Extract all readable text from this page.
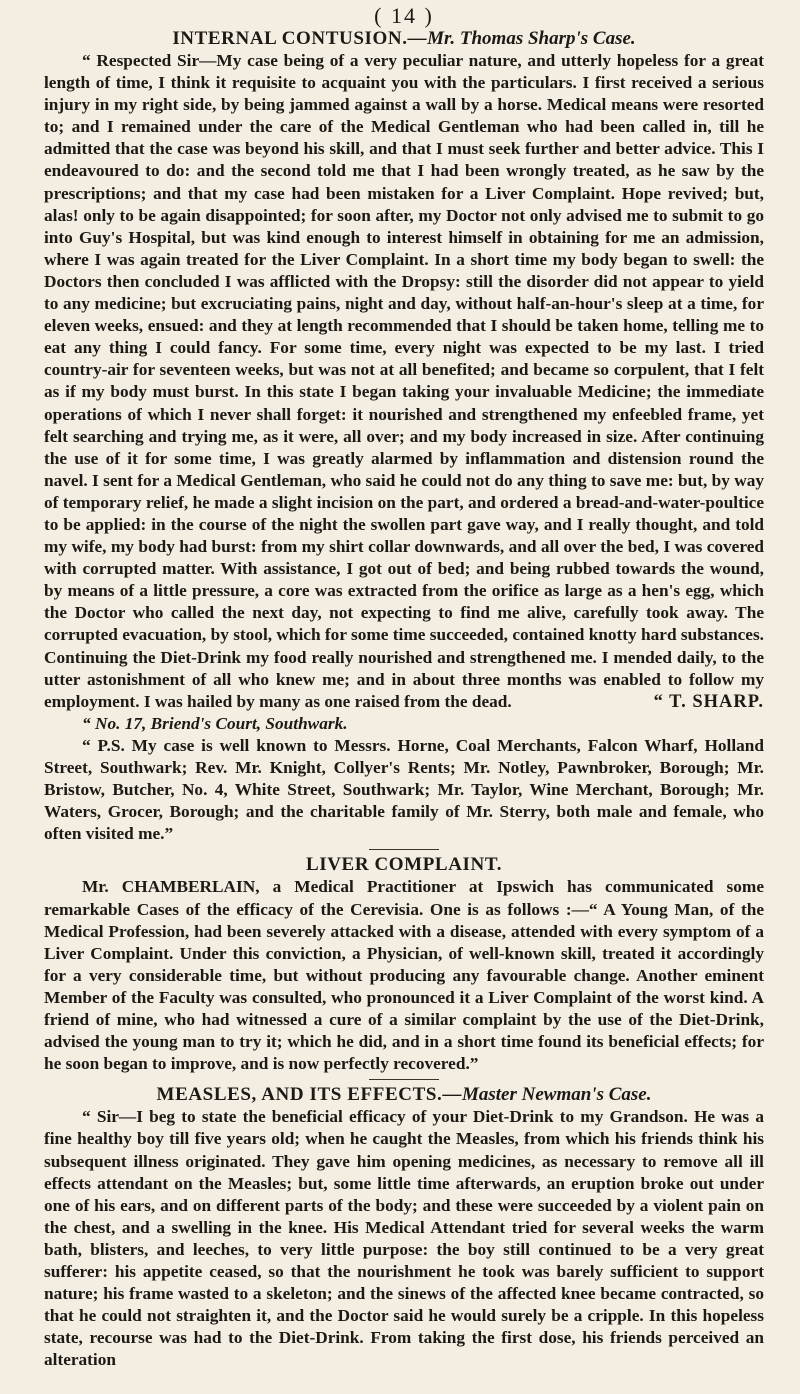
( 14 )
INTERNAL CONTUSION.—Mr. Thomas Sharp's Case.

“ Respected Sir—My case being of a very peculiar nature, and utterly hopeless for a great length of time, I think it requisite to acquaint you with the particulars. I first received a serious injury in my right side, by being jammed against a wall by a horse. Medical means were resorted to; and I remained under the care of the Medical Gentleman who had been called in, till he admitted that the case was beyond his skill, and that I must seek further and better advice. This I endeavoured to do: and the second told me that I had been wrongly treated, as he saw by the prescriptions; and that my case had been mistaken for a Liver Complaint. Hope revived; but, alas! only to be again disappointed; for soon after, my Doctor not only advised me to submit to go into Guy's Hospital, but was kind enough to interest himself in obtaining for me an admission, where I was again treated for the Liver Complaint. In a short time my body began to swell: the Doctors then concluded I was afflicted with the Dropsy: still the disorder did not appear to yield to any medicine; but excruciating pains, night and day, without half-an-hour's sleep at a time, for eleven weeks, ensued: and they at length recommended that I should be taken home, telling me to eat any thing I could fancy. For some time, every night was expected to be my last. I tried country-air for seventeen weeks, but was not at all benefited; and became so corpulent, that I felt as if my body must burst. In this state I began taking your invaluable Medicine; the immediate operations of which I never shall forget: it nourished and strengthened my enfeebled frame, yet felt searching and trying me, as it were, all over; and my body increased in size. After continuing the use of it for some time, I was greatly alarmed by inflammation and distension round the navel. I sent for a Medical Gentleman, who said he could not do any thing to save me: but, by way of temporary relief, he made a slight incision on the part, and ordered a bread-and-water-poultice to be applied: in the course of the night the swollen part gave way, and I really thought, and told my wife, my body had burst: from my shirt collar downwards, and all over the bed, I was covered with corrupted matter. With assistance, I got out of bed; and being rubbed towards the wound, by means of a little pressure, a core was extracted from the orifice as large as a hen's egg, which the Doctor who called the next day, not expecting to find me alive, carefully took away. The corrupted evacuation, by stool, which for some time succeeded, contained knotty hard substances. Continuing the Diet-Drink my food really nourished and strengthened me. I mended daily, to the utter astonishment of all who knew me; and in about three months was enabled to follow my employment. I was hailed by many as one raised from the dead.	“ T. SHARP.

“ No. 17, Briend's Court, Southwark.

“ P.S. My case is well known to Messrs. Horne, Coal Merchants, Falcon Wharf, Holland Street, Southwark; Rev. Mr. Knight, Collyer's Rents; Mr. Notley, Pawnbroker, Borough; Mr. Bristow, Butcher, No. 4, White Street, Southwark; Mr. Taylor, Wine Merchant, Borough; Mr. Waters, Grocer, Borough; and the charitable family of Mr. Sterry, both male and female, who often visited me.”

LIVER COMPLAINT.

Mr. CHAMBERLAIN, a Medical Practitioner at Ipswich has communicated some remarkable Cases of the efficacy of the Cerevisia. One is as follows :—“ A Young Man, of the Medical Profession, had been severely attacked with a disease, attended with every symptom of a Liver Complaint. Under this conviction, a Physician, of well-known skill, treated it accordingly for a very considerable time, but without producing any favourable change. Another eminent Member of the Faculty was consulted, who pronounced it a Liver Complaint of the worst kind. A friend of mine, who had witnessed a cure of a similar complaint by the use of the Diet-Drink, advised the young man to try it; which he did, and in a short time found its beneficial effects; for he soon began to improve, and is now perfectly recovered.”

MEASLES, AND ITS EFFECTS.—Master Newman's Case.

“ Sir—I beg to state the beneficial efficacy of your Diet-Drink to my Grandson. He was a fine healthy boy till five years old; when he caught the Measles, from which his friends think his subsequent illness originated. They gave him opening medicines, as necessary to remove all ill effects attendant on the Measles; but, some little time afterwards, an eruption broke out under one of his ears, and on different parts of the body; and these were succeeded by a violent pain on the chest, and a swelling in the knee. His Medical Attendant tried for several weeks the warm bath, blisters, and leeches, to very little purpose: the boy still continued to be a very great sufferer: his appetite ceased, so that the nourishment he took was barely sufficient to support nature; his frame wasted to a skeleton; and the sinews of the affected knee became contracted, so that he could not straighten it, and the Doctor said he would surely be a cripple. In this hopeless state, recourse was had to the Diet-Drink. From taking the first dose, his friends perceived an alteration
